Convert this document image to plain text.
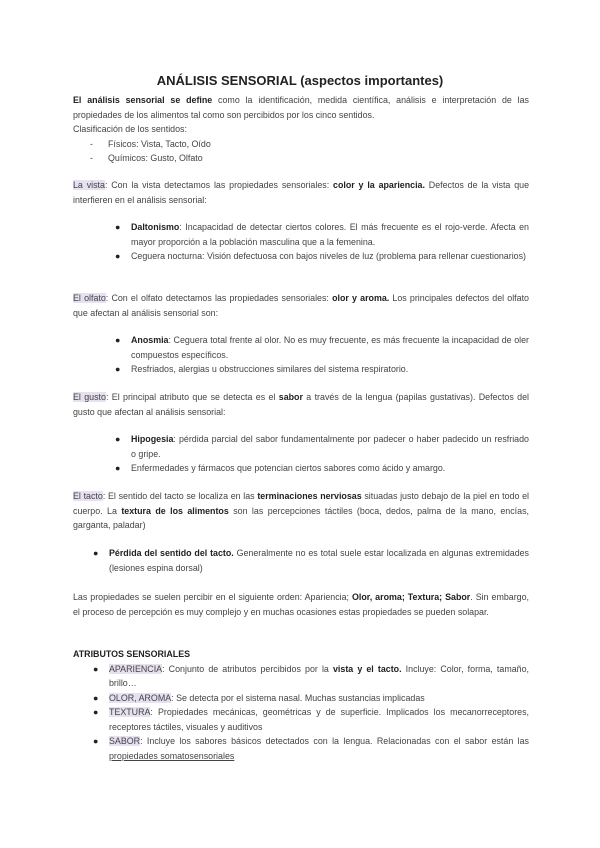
ANÁLISIS SENSORIAL (aspectos importantes)

El análisis sensorial se define como la identificación, medida científica, análisis e interpretación de las propiedades de los alimentos tal como son percibidos por los cinco sentidos.

Clasificación de los sentidos:

- Físicos: Vista, Tacto, Oído
- Químicos: Gusto, Olfato

La vista: Con la vista detectamos las propiedades sensoriales: color y la apariencia. Defectos de la vista que interfieren en el análisis sensorial:

● Daltonismo: Incapacidad de detectar ciertos colores. El más frecuente es el rojo-verde. Afecta en mayor proporción a la población masculina que a la femenina.
● Ceguera nocturna: Visión defectuosa con bajos niveles de luz (problema para rellenar cuestionarios)

El olfato: Con el olfato detectamos las propiedades sensoriales: olor y aroma. Los principales defectos del olfato que afectan al análisis sensorial son:

● Anosmia: Ceguera total frente al olor. No es muy frecuente, es más frecuente la incapacidad de oler compuestos específicos.
● Resfriados, alergias u obstrucciones similares del sistema respiratorio.

El gusto: El principal atributo que se detecta es el sabor a través de la lengua (papilas gustativas). Defectos del gusto que afectan al análisis sensorial:

● Hipogesia: pérdida parcial del sabor fundamentalmente por padecer o haber padecido un resfriado o gripe.
● Enfermedades y fármacos que potencian ciertos sabores como ácido y amargo.

El tacto: El sentido del tacto se localiza en las terminaciones nerviosas situadas justo debajo de la piel en todo el cuerpo. La textura de los alimentos son las percepciones táctiles (boca, dedos, palma de la mano, encías, garganta, paladar)

● Pérdida del sentido del tacto. Generalmente no es total suele estar localizada en algunas extremidades (lesiones espina dorsal)

Las propiedades se suelen percibir en el siguiente orden: Apariencia; Olor, aroma; Textura; Sabor. Sin embargo, el proceso de percepción es muy complejo y en muchas ocasiones estas propiedades se pueden solapar.

ATRIBUTOS SENSORIALES

● APARIENCIA: Conjunto de atributos percibidos por la vista y el tacto. Incluye: Color, forma, tamaño, brillo…
● OLOR, AROMA: Se detecta por el sistema nasal. Muchas sustancias implicadas
● TEXTURA: Propiedades mecánicas, geométricas y de superficie. Implicados los mecanorreceptores, receptores táctiles, visuales y auditivos
● SABOR: Incluye los sabores básicos detectados con la lengua. Relacionadas con el sabor están las propiedades somatosensoriales
